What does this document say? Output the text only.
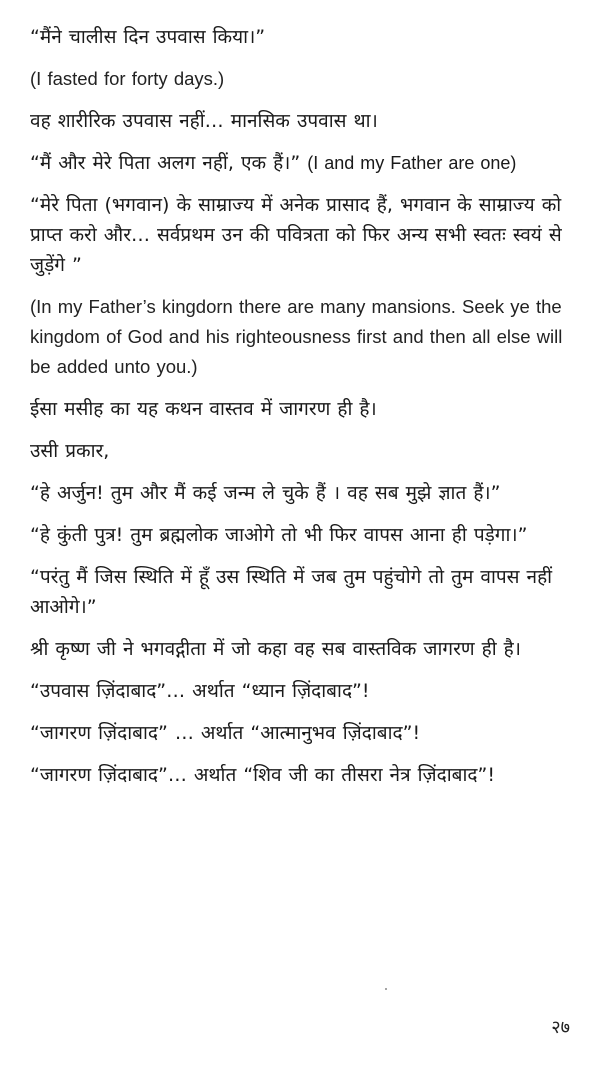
“मैंने चालीस दिन उपवास किया।”

(I fasted for forty days.)

वह शारीरिक उपवास नहीं… मानसिक उपवास था।

“मैं और मेरे पिता अलग नहीं, एक हैं।” (I and my Father are one)

“मेरे पिता (भगवान) के साम्राज्य में अनेक प्रासाद हैं, भगवान के साम्राज्य को प्राप्त करो और… सर्वप्रथम उन की पवित्रता को फिर अन्य सभी स्वतः स्वयं से जुड़ेंगे ”

(In my Father’s kingdorn there are many mansions. Seek ye the kingdom of God and his righteousness first and then all else will be added unto you.)

ईसा मसीह का यह कथन वास्तव में जागरण ही है।

उसी प्रकार,

“हे अर्जुन! तुम और मैं कई जन्म ले चुके हैं । वह सब मुझे ज्ञात हैं।”

“हे कुंती पुत्र! तुम ब्रह्मलोक जाओगे तो भी फिर वापस आना ही पड़ेगा।”

“परंतु मैं जिस स्थिति में हूँ उस स्थिति में जब तुम पहुंचोगे तो तुम वापस नहीं आओगे।”

श्री कृष्ण जी ने भगवद्गीता में जो कहा वह सब वास्तविक जागरण ही है।

“उपवास ज़िंदाबाद”… अर्थात “ध्यान ज़िंदाबाद”!

“जागरण ज़िंदाबाद” … अर्थात “आत्मानुभव ज़िंदाबाद”!

“जागरण ज़िंदाबाद”… अर्थात “शिव जी का तीसरा नेत्र ज़िंदाबाद”!

२७
